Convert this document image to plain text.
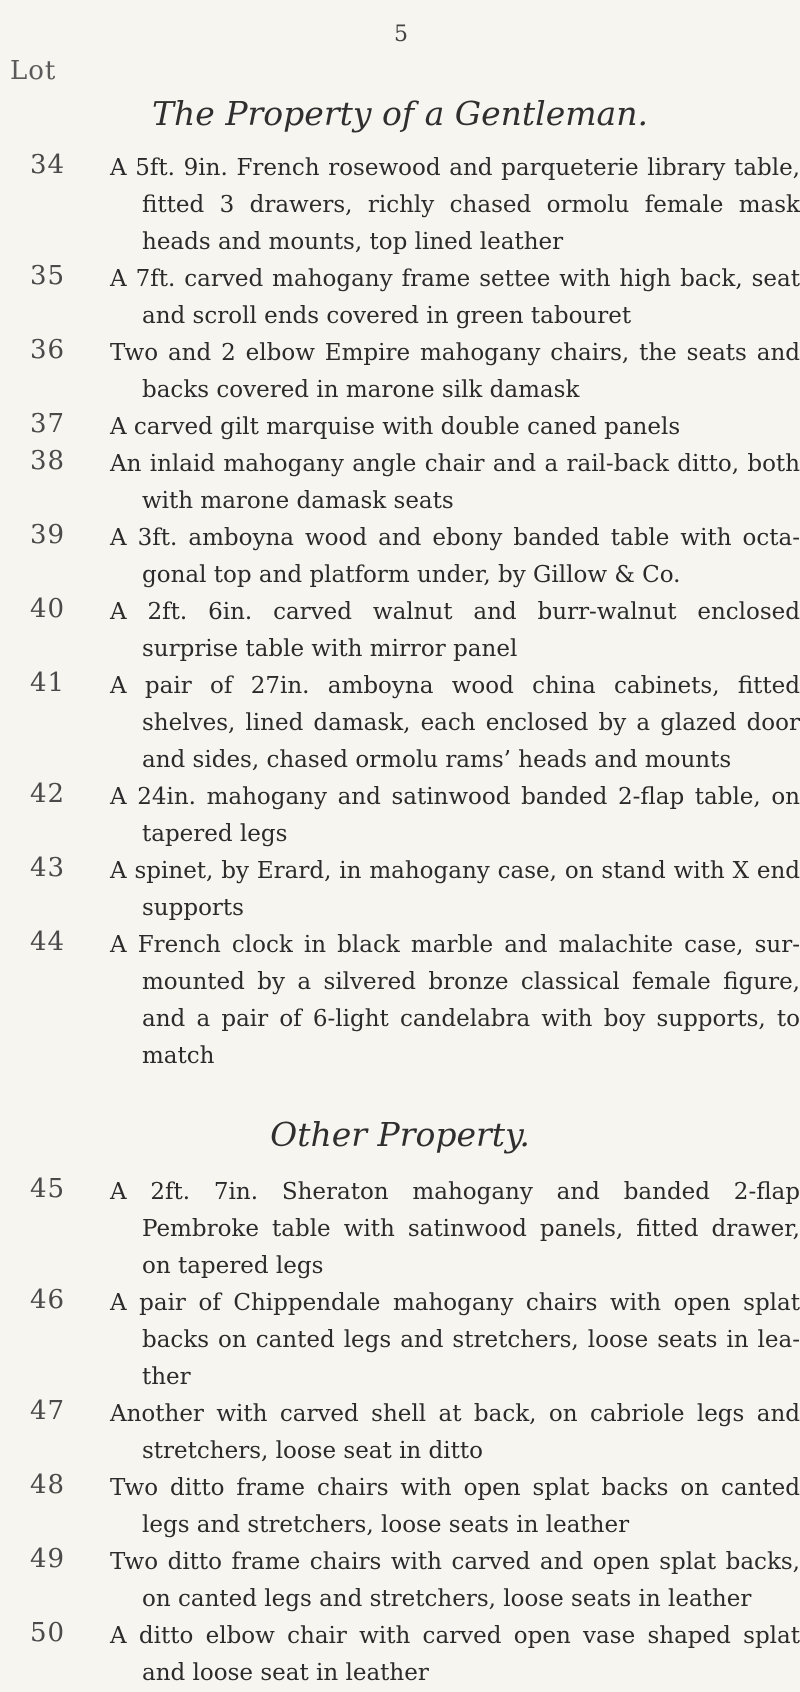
5
Lot
The Property of a Gentleman.
34 A 5ft. 9in. French rosewood and parqueterie library table, fitted 3 drawers, richly chased ormolu female mask heads and mounts, top lined leather
35 A 7ft. carved mahogany frame settee with high back, seat and scroll ends covered in green tabouret
36 Two and 2 elbow Empire mahogany chairs, the seats and backs covered in marone silk damask
37 A carved gilt marquise with double caned panels
38 An inlaid mahogany angle chair and a rail-back ditto, both with marone damask seats
39 A 3ft. amboyna wood and ebony banded table with octa-gonal top and platform under, by Gillow & Co.
40 A 2ft. 6in. carved walnut and burr-walnut enclosed surprise table with mirror panel
41 A pair of 27in. amboyna wood china cabinets, fitted shelves, lined damask, each enclosed by a glazed door and sides, chased ormolu rams’ heads and mounts
42 A 24in. mahogany and satinwood banded 2-flap table, on tapered legs
43 A spinet, by Erard, in mahogany case, on stand with X end supports
44 A French clock in black marble and malachite case, sur-mounted by a silvered bronze classical female figure, and a pair of 6-light candelabra with boy supports, to match
Other Property.
45 A 2ft. 7in. Sheraton mahogany and banded 2-flap Pembroke table with satinwood panels, fitted drawer, on tapered legs
46 A pair of Chippendale mahogany chairs with open splat backs on canted legs and stretchers, loose seats in lea-ther
47 Another with carved shell at back, on cabriole legs and stretchers, loose seat in ditto
48 Two ditto frame chairs with open splat backs on canted legs and stretchers, loose seats in leather
49 Two ditto frame chairs with carved and open splat backs, on canted legs and stretchers, loose seats in leather
50 A ditto elbow chair with carved open vase shaped splat and loose seat in leather
